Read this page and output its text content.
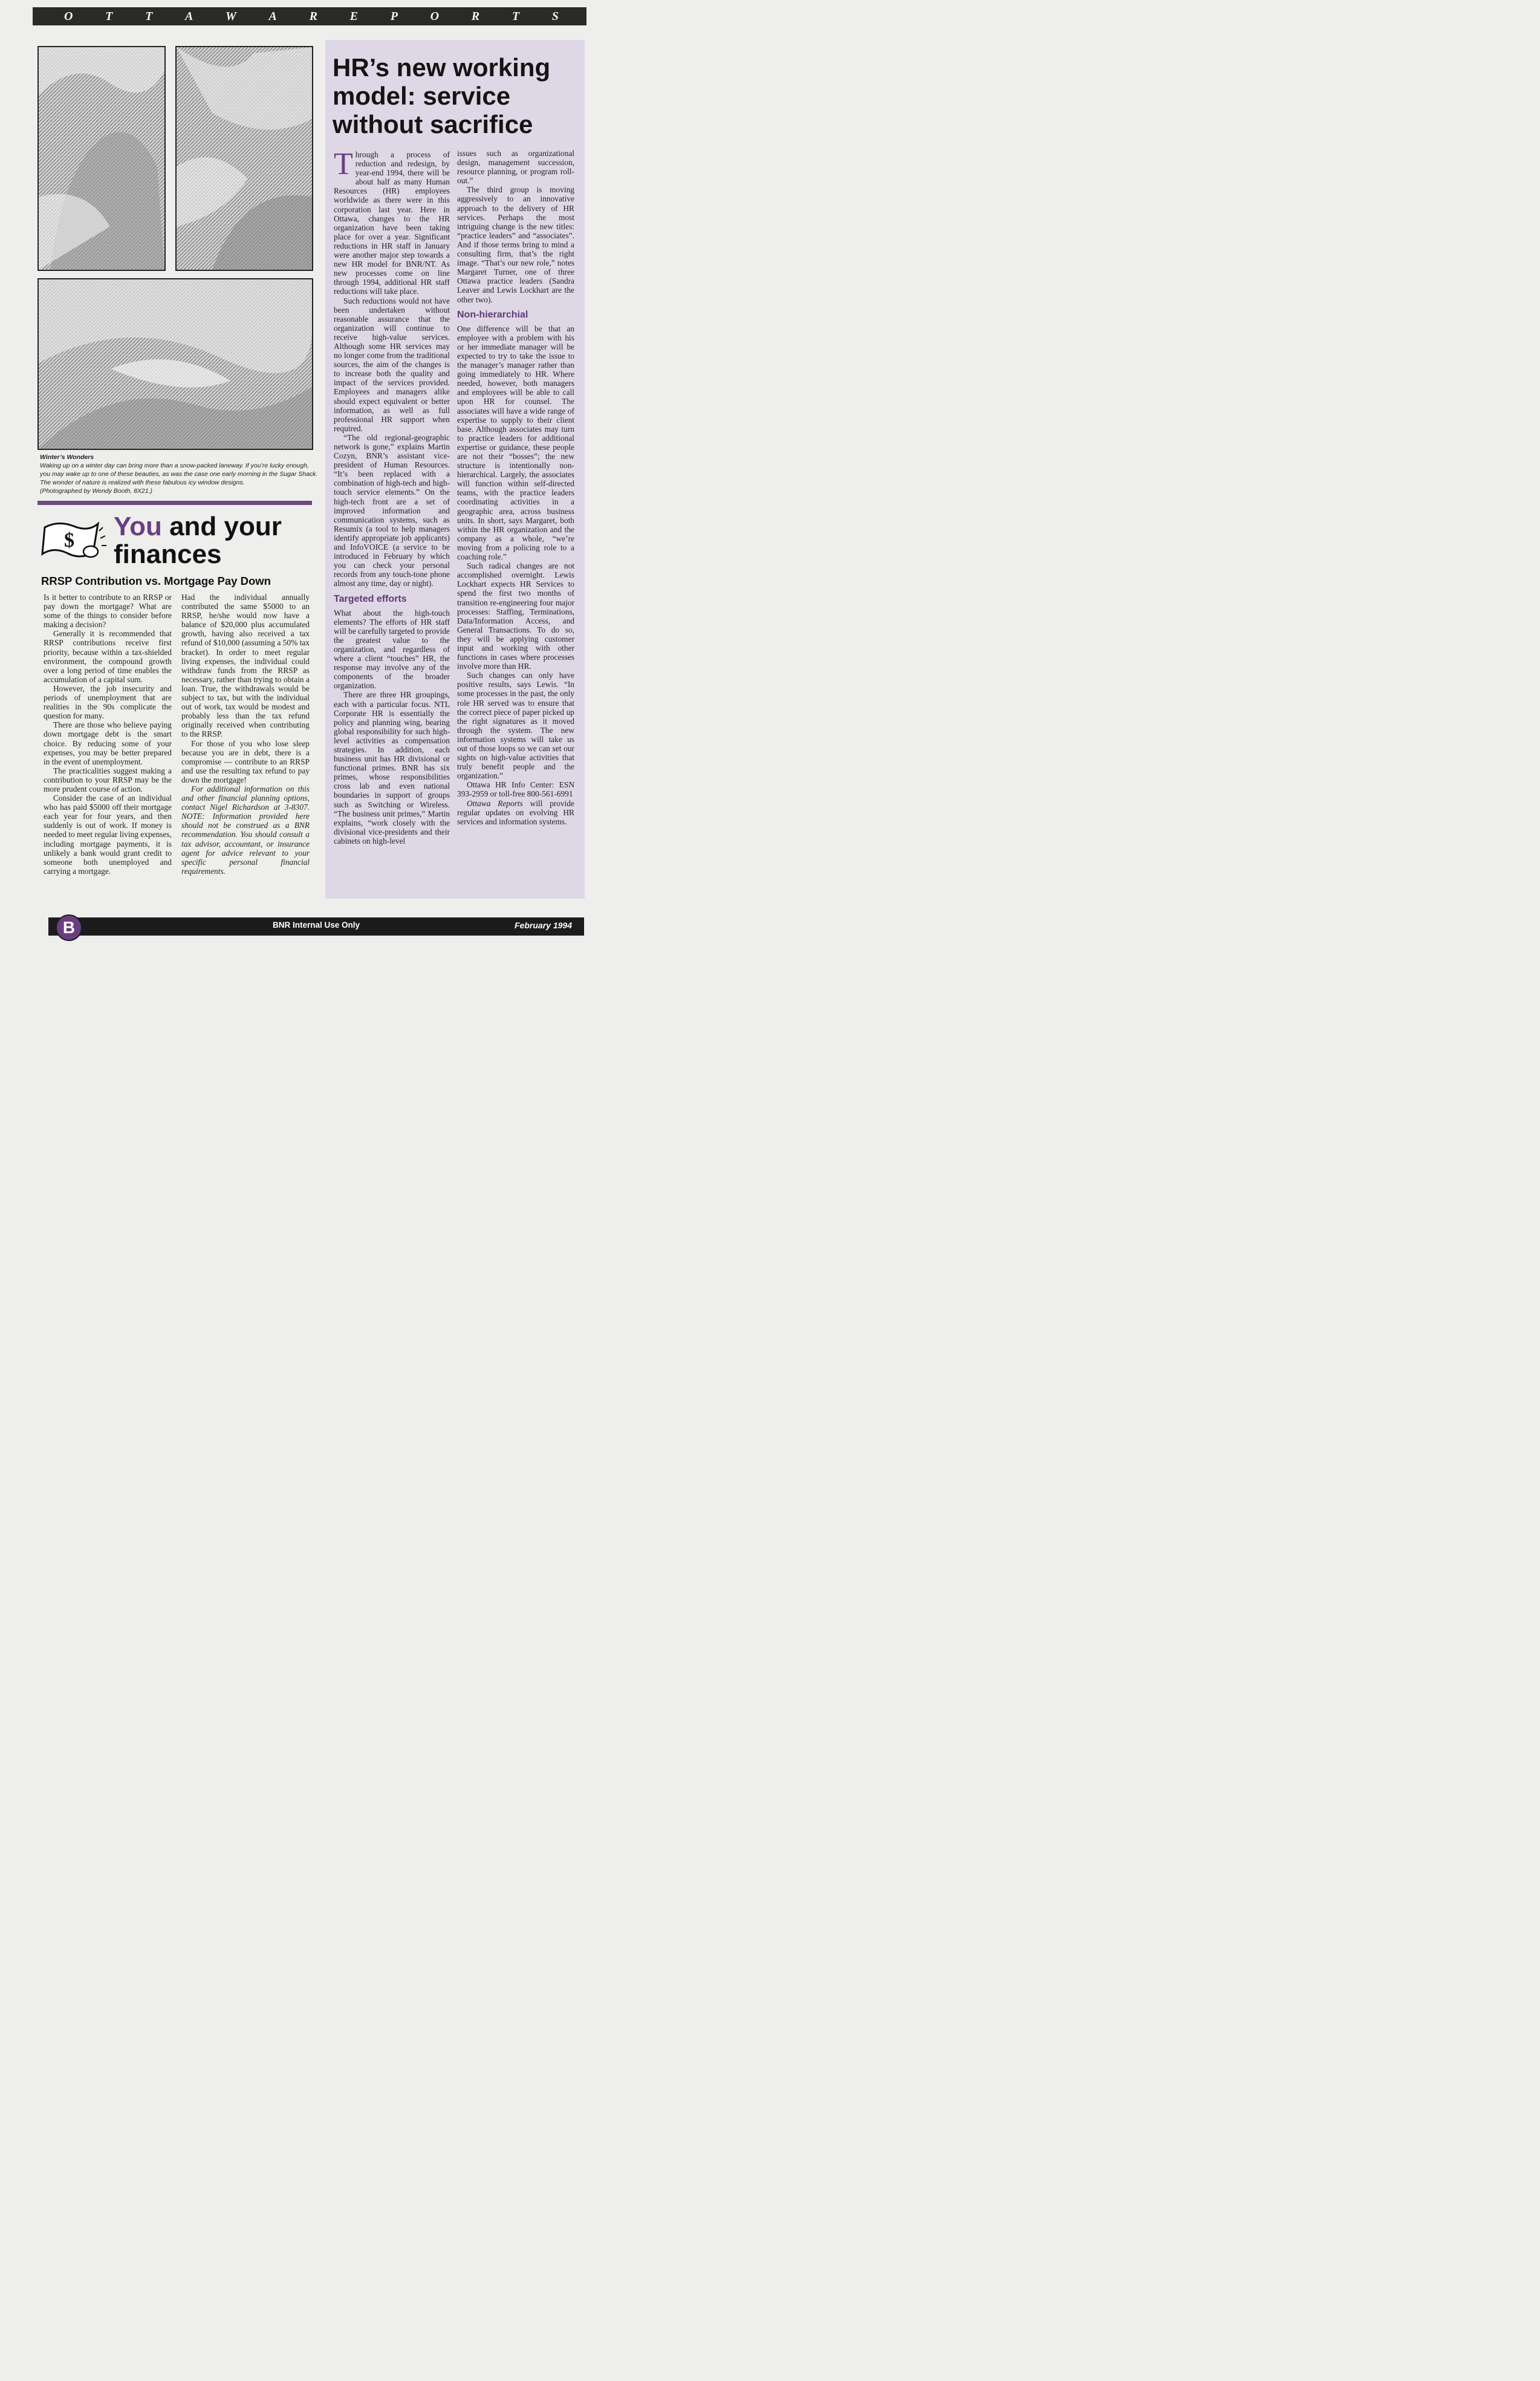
O	T	T	A	W	A	R	E	P	O	R	T	S
Winter’s Wonders
Waking up on a winter day can bring more than a snow-packed laneway. If you’re lucky enough, you may wake up to one of these beauties, as was the case one early morning in the Sugar Shack. The wonder of nature is realized with these fabulous icy window designs.
(Photographed by Wendy Booth, 8X21.)
$ You and your
finances
RRSP Contribution vs. Mortgage Pay Down

Is it better to contribute to an RRSP or pay down the mortgage? What are some of the things to consider before making a decision?

Generally it is recommended that RRSP contributions receive first priority, because within a tax-shielded environment, the compound growth over a long period of time enables the accumulation of a capital sum.

However, the job insecurity and periods of unemployment that are realities in the 90s complicate the question for many.

There are those who believe paying down mortgage debt is the smart choice. By reducing some of your expenses, you may be better prepared in the event of unemployment.

The practicalities suggest making a contribution to your RRSP may be the more prudent course of action.

Consider the case of an individual who has paid $5000 off their mortgage each year for four years, and then suddenly is out of work. If money is needed to meet regular living expenses, including mortgage payments, it is unlikely a bank would grant credit to someone both unemployed and carrying a mortgage.

Had the individual annually contributed the same $5000 to an RRSP, he/she would now have a balance of $20,000 plus accumulated growth, having also received a tax refund of $10,000 (assuming a 50% tax bracket). In order to meet regular living expenses, the individual could withdraw funds from the RRSP as necessary, rather than trying to obtain a loan. True, the withdrawals would be subject to tax, but with the individual out of work, tax would be modest and probably less than the tax refund originally received when contributing to the RRSP.

For those of you who lose sleep because you are in debt, there is a compromise — contribute to an RRSP and use the resulting tax refund to pay down the mortgage!

For additional information on this and other financial planning options, contact Nigel Richardson at 3-8307. NOTE: Information provided here should not be construed as a BNR recommendation. You should consult a tax advisor, accountant, or insurance agent for advice relevant to your specific personal financial requirements.

HR’s new working model: service without sacrifice

Through a process of reduction and redesign, by year-end 1994, there will be about half as many Human Resources (HR) employees worldwide as there were in this corporation last year. Here in Ottawa, changes to the HR organization have been taking place for over a year. Significant reductions in HR staff in January were another major step towards a new HR model for BNR/NT. As new processes come on line through 1994, additional HR staff reductions will take place.

Such reductions would not have been undertaken without reasonable assurance that the organization will continue to receive high-value services. Although some HR services may no longer come from the traditional sources, the aim of the changes is to increase both the quality and impact of the services provided. Employees and managers alike should expect equivalent or better information, as well as full professional HR support when required.

“The old regional-geographic network is gone,” explains Martin Cozyn, BNR’s assistant vice-president of Human Resources. “It’s been replaced with a combination of high-tech and high-touch service elements.” On the high-tech front are a set of improved information and communication systems, such as Resumix (a tool to help managers identify appropriate job applicants) and InfoVOICE (a service to be introduced in February by which you can check your personal records from any touch-tone phone almost any time, day or night).

Targeted efforts

What about the high-touch elements? The efforts of HR staff will be carefully targeted to provide the greatest value to the organization, and regardless of where a client “touches” HR, the response may involve any of the components of the broader organization.

There are three HR groupings, each with a particular focus. NTL Corporate HR is essentially the policy and planning wing, bearing global responsibility for such high-level activities as compensation strategies. In addition, each business unit has HR divisional or functional primes. BNR has six primes, whose responsibilities cross lab and even national boundaries in support of groups such as Switching or Wireless. “The business unit primes,” Martin explains, “work closely with the divisional vice-presidents and their cabinets on high-level

issues such as organizational design, management succession, resource planning, or program roll-out.”

The third group is moving aggressively to an innovative approach to the delivery of HR services. Perhaps the most intriguing change is the new titles: “practice leaders” and “associates”. And if those terms bring to mind a consulting firm, that’s the right image. “That’s our new role,” notes Margaret Turner, one of three Ottawa practice leaders (Sandra Leaver and Lewis Lockhart are the other two).

Non-hierarchial

One difference will be that an employee with a problem with his or her immediate manager will be expected to try to take the issue to the manager’s manager rather than going immediately to HR. Where needed, however, both managers and employees will be able to call upon HR for counsel. The associates will have a wide range of expertise to supply to their client base. Although associates may turn to practice leaders for additional expertise or guidance, these people are not their “bosses”; the new structure is intentionally non-hierarchical. Largely, the associates will function within self-directed teams, with the practice leaders coordinating activities in a geographic area, across business units. In short, says Margaret, both within the HR organization and the company as a whole, “we’re moving from a policing role to a coaching role.”

Such radical changes are not accomplished overnight. Lewis Lockhart expects HR Services to spend the first two months of transition re-engineering four major processes: Staffing, Terminations, Data/Information Access, and General Transactions. To do so, they will be applying customer input and working with other functions in cases where processes involve more than HR.

Such changes can only have positive results, says Lewis. “In some processes in the past, the only role HR served was to ensure that the correct piece of paper picked up the right signatures as it moved through the system. The new information systems will take us out of those loops so we can set our sights on high-value activities that truly benefit people and the organization.”

Ottawa HR Info Center: ESN 393-2959 or toll-free 800-561-6991

Ottawa Reports will provide regular updates on evolving HR services and information systems.

B	BNR Internal Use Only	February 1994
